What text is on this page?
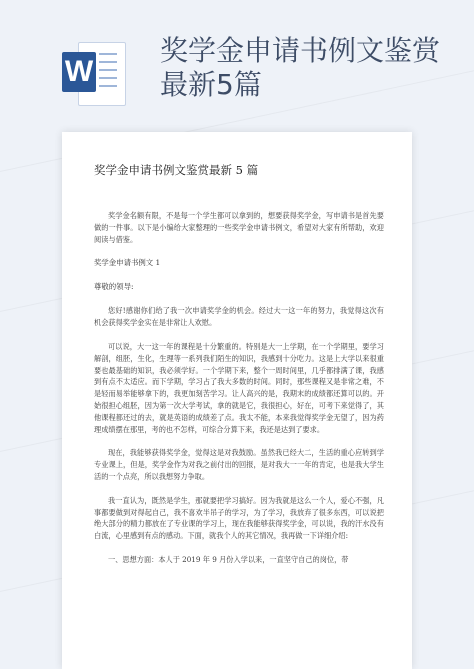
W
奖学金申请书例文鉴赏最新5篇

奖学金申请书例文鉴赏最新 5 篇

奖学金名额有限，不是每一个学生都可以拿到的，想要获得奖学金，写申请书是首先要做的一件事。以下是小编给大家整理的一些奖学金申请书例文，希望对大家有所帮助，欢迎阅读与借鉴。

奖学金申请书例文 1

尊敬的领导:

您好!感谢你们给了我一次申请奖学金的机会。经过大一这一年的努力，我觉得这次有机会获得奖学金实在是非常让人欢慰。

可以说，大一这一年的课程是十分繁重的。特别是大一上学期，在一个学期里，要学习解剖，组胚，生化，生理等一系列我们陌生的知识，我感到十分吃力。这是上大学以来很重要也最基础的知识，我必须学好。一个学期下来，整个一周时间里，几乎都排满了课，我感到有点不太适应。而下学期，学习占了我大多数的时间。同时，那些课程又是非常之难，不是轻而易举能够拿下的，我更加刻苦学习。让人高兴的是，我期末的成绩都还算可以的。开始很担心组胚，因为第一次大学考试，拿的就是它，我很担心，好在，可考下来觉得了，其他课程都还过的去，就是英语的成绩差了点。我太不能，本来我觉得奖学金无望了，因为药理成绩摆在那里，考的也不怎样，可综合分算下来，我还是达到了要求。

现在，我能够获得奖学金，觉得这是对我鼓励。虽然我已经大二，生活的重心应转到学专业课上，但是，奖学金作为对我之前付出的回报，是对我大一一年的肯定，也是我大学生活的一个点亮，所以我想努力争取。

我一直认为，既然是学生，那就要把学习搞好。因为我就是这么一个人，爱心不强，凡事都要做到对得起自己，我不喜欢半吊子的学习，为了学习，我放弃了很多东西，可以说把绝大部分的精力都放在了专业课的学习上，现在我能够获得奖学金，可以说，我的汗水没有白流，心里感到有点的感动。下面，就我个人的其它情况，我再做一下详细介绍:

一、思想方面：本人于 2019 年 9 月份入学以来，一直坚守自己的岗位，带
